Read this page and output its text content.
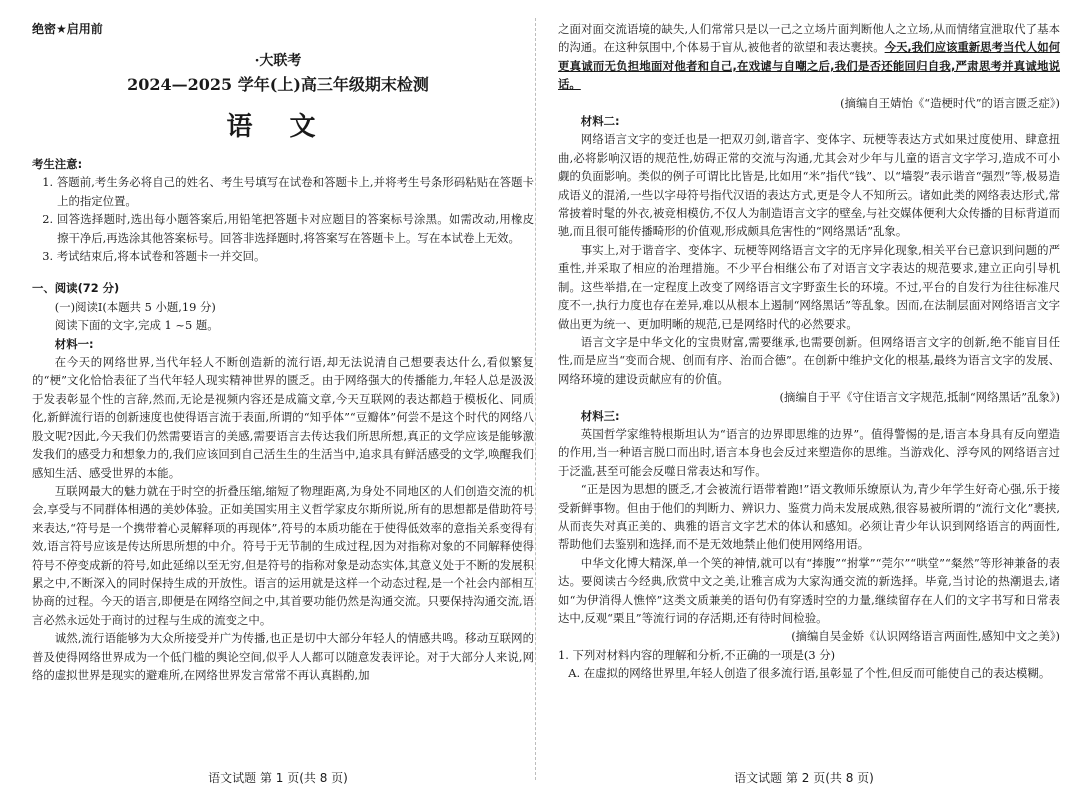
绝密★启用前
·大联考
2024—2025 学年(上)高三年级期末检测
语 文

考生注意:

1. 答题前,考生务必将自己的姓名、考生号填写在试卷和答题卡上,并将考生号条形码粘贴在答题卡上的指定位置。

2. 回答选择题时,选出每小题答案后,用铅笔把答题卡对应题目的答案标号涂黑。如需改动,用橡皮擦干净后,再选涂其他答案标号。回答非选择题时,将答案写在答题卡上。写在本试卷上无效。

3. 考试结束后,将本试卷和答题卡一并交回。

一、阅读(72 分)

(一)阅读Ⅰ(本题共 5 小题,19 分)

阅读下面的文字,完成 1 ~5 题。

材料一:

在今天的网络世界,当代年轻人不断创造新的流行语,却无法说清自己想要表达什么,看似繁复的“梗”文化恰恰表征了当代年轻人现实精神世界的匮乏。由于网络强大的传播能力,年轻人总是汲汲于发表彰显个性的言辞,然而,无论是视频内容还是成篇文章,今天互联网的表达都趋于模板化、同质化,新鲜流行语的创新速度也使得语言流于表面,所谓的“知乎体”“豆瓣体”何尝不是这个时代的网络八股文呢?因此,今天我们仍然需要语言的美感,需要语言去传达我们所思所想,真正的文学应该是能够激发我们的感受力和想象力的,我们应该回到自己活生生的生活当中,追求具有鲜活感受的文学,唤醒我们感知生活、感受世界的本能。

互联网最大的魅力就在于时空的折叠压缩,缩短了物理距离,为身处不同地区的人们创造交流的机会,享受与不同群体相遇的美妙体验。正如美国实用主义哲学家皮尔斯所说,所有的思想都是借助符号来表达,“符号是一个携带着心灵解释项的再现体”,符号的本质功能在于使得低效率的意指关系变得有效,语言符号应该是传达所思所想的中介。符号于无节制的生成过程,因为对指称对象的不同解释使得符号不停变成新的符号,如此延绵以至无穷,但是符号的指称对象是动态实体,其意义处于不断的发展积累之中,不断深入的同时保持生成的开放性。语言的运用就是这样一个动态过程,是一个社会内部相互协商的过程。今天的语言,即便是在网络空间之中,其首要功能仍然是沟通交流。只要保持沟通交流,语言必然永远处于商讨的过程与生成的流变之中。

诚然,流行语能够为大众所接受并广为传播,也正是切中大部分年轻人的情感共鸣。移动互联网的普及使得网络世界成为一个低门槛的舆论空间,似乎人人都可以随意发表评论。对于大部分人来说,网络的虚拟世界是现实的避难所,在网络世界发言常常不再认真斟酌,加

语文试题 第 1 页(共 8 页)

之面对面交流语境的缺失,人们常常只是以一己之立场片面判断他人之立场,从而情绪宣泄取代了基本的沟通。在这种氛围中,个体易于盲从,被他者的欲望和表达裹挟。今天,我们应该重新思考当代人如何更真诚而无负担地面对他者和自己,在戏谑与自嘲之后,我们是否还能回归自我,严肃思考并真诚地说话。

(摘编自王婧怡《“造梗时代”的语言匮乏症》)

材料二:

网络语言文字的变迁也是一把双刃剑,谐音字、变体字、玩梗等表达方式如果过度使用、肆意扭曲,必将影响汉语的规范性,妨碍正常的交流与沟通,尤其会对少年与儿童的语言文字学习,造成不可小觑的负面影响。类似的例子可谓比比皆是,比如用“米”指代“钱”、以“墙裂”表示谐音“强烈”等,极易造成语义的混淆,一些以字母符号指代汉语的表达方式,更是令人不知所云。诸如此类的网络表达形式,常常披着时髦的外衣,被竞相模仿,不仅人为制造语言文字的壁垒,与社交媒体便利大众传播的目标背道而驰,而且很可能传播畸形的价值观,形成颇具危害性的“网络黑话”乱象。

事实上,对于谐音字、变体字、玩梗等网络语言文字的无序异化现象,相关平台已意识到问题的严重性,并采取了相应的治理措施。不少平台相继公布了对语言文字表达的规范要求,建立正向引导机制。这些举措,在一定程度上改变了网络语言文字野蛮生长的环境。不过,平台的自发行为往往标准尺度不一,执行力度也存在差异,难以从根本上遏制“网络黑话”等乱象。因而,在法制层面对网络语言文字做出更为统一、更加明晰的规范,已是网络时代的必然要求。

语言文字是中华文化的宝贵财富,需要继承,也需要创新。但网络语言文字的创新,绝不能盲目任性,而是应当“变而合规、创而有序、治而合德”。在创新中维护文化的根基,最终为语言文字的发展、网络环境的建设贡献应有的价值。

(摘编自于平《守住语言文字规范,抵制“网络黑话”乱象》)

材料三:

英国哲学家维特根斯坦认为“语言的边界即思维的边界”。值得警惕的是,语言本身具有反向塑造的作用,当一种语言脱口而出时,语言本身也会反过来塑造你的思维。当游戏化、浮夸风的网络语言过于泛滥,甚至可能会反噬日常表达和写作。

“正是因为思想的匮乏,才会被流行语带着跑!”语文教师乐缭原认为,青少年学生好奇心强,乐于接受新鲜事物。但由于他们的判断力、辨识力、鉴赏力尚未发展成熟,很容易被所谓的“流行文化”裹挟,从而丧失对真正美的、典雅的语言文字艺术的体认和感知。必须让青少年认识到网络语言的两面性,帮助他们去鉴别和选择,而不是无效地禁止他们使用网络用语。

中华文化博大精深,单一个笑的神情,就可以有“捧腹”“拊掌”“莞尔”“哄堂”“粲然”等形神兼备的表达。要阅读古今经典,欣赏中文之美,让雅言成为大家沟通交流的新选择。毕竟,当讨论的热潮退去,诸如“为伊消得人憔悴”这类文质兼美的语句仍有穿透时空的力量,继续留存在人们的文字书写和日常表达中,反观“栗且”等流行词的存活期,还有待时间检验。

(摘编自吴金娇《认识网络语言两面性,感知中文之美》)

1. 下列对材料内容的理解和分析,不正确的一项是(3 分)

A. 在虚拟的网络世界里,年轻人创造了很多流行语,虽彰显了个性,但反而可能使自己的表达模糊。

语文试题 第 2 页(共 8 页)
